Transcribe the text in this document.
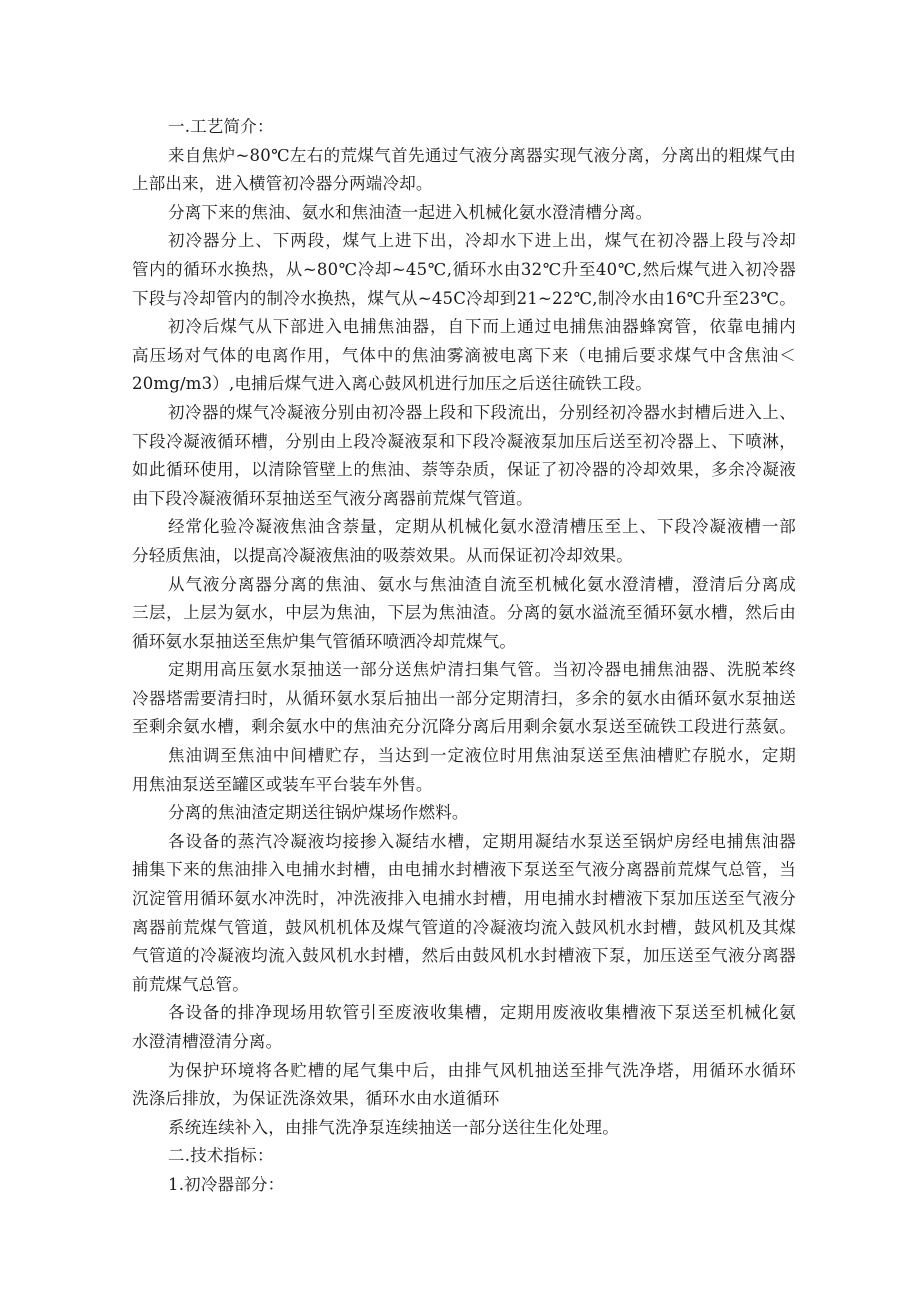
一.工艺简介：
来自焦炉~80℃左右的荒煤气首先通过气液分离器实现气液分离，分离出的粗煤气由
上部出来，进入横管初冷器分两端冷却。
分离下来的焦油、氨水和焦油渣一起进入机械化氨水澄清槽分离。
初冷器分上、下两段，煤气上进下出，冷却水下进上出，煤气在初冷器上段与冷却
管内的循环水换热，从~80℃冷却~45℃,循环水由32℃升至40℃,然后煤气进入初冷器
下段与冷却管内的制冷水换热，煤气从~45C冷却到21~22℃,制冷水由16℃升至23℃。
初冷后煤气从下部进入电捕焦油器，自下而上通过电捕焦油器蜂窝管，依靠电捕内
高压场对气体的电离作用，气体中的焦油雾滴被电离下来（电捕后要求煤气中含焦油＜
20mg∕m3）,电捕后煤气进入离心鼓风机进行加压之后送往硫铁工段。
初冷器的煤气冷凝液分别由初冷器上段和下段流出，分别经初冷器水封槽后进入上、
下段冷凝液循环槽，分别由上段冷凝液泵和下段冷凝液泵加压后送至初冷器上、下喷淋，
如此循环使用，以清除管壁上的焦油、萘等杂质，保证了初冷器的冷却效果，多余冷凝液
由下段冷凝液循环泵抽送至气液分离器前荒煤气管道。
经常化验冷凝液焦油含萘量，定期从机械化氨水澄清槽压至上、下段冷凝液槽一部
分轻质焦油，以提高冷凝液焦油的吸萘效果。从而保证初冷却效果。
从气液分离器分离的焦油、氨水与焦油渣自流至机械化氨水澄清槽，澄清后分离成
三层，上层为氨水，中层为焦油，下层为焦油渣。分离的氨水溢流至循环氨水槽，然后由
循环氨水泵抽送至焦炉集气管循环喷洒冷却荒煤气。
定期用高压氨水泵抽送一部分送焦炉清扫集气管。当初冷器电捕焦油器、洗脱苯终
冷器塔需要清扫时，从循环氨水泵后抽出一部分定期清扫，多余的氨水由循环氨水泵抽送
至剩余氨水槽，剩余氨水中的焦油充分沉降分离后用剩余氨水泵送至硫铁工段进行蒸氨。
焦油调至焦油中间槽贮存，当达到一定液位时用焦油泵送至焦油槽贮存脱水，定期
用焦油泵送至罐区或装车平台装车外售。
分离的焦油渣定期送往锅炉煤场作燃料。
各设备的蒸汽冷凝液均接掺入凝结水槽，定期用凝结水泵送至锅炉房经电捕焦油器
捕集下来的焦油排入电捕水封槽，由电捕水封槽液下泵送至气液分离器前荒煤气总管，当
沉淀管用循环氨水冲洗时，冲洗液排入电捕水封槽，用电捕水封槽液下泵加压送至气液分
离器前荒煤气管道，鼓风机机体及煤气管道的冷凝液均流入鼓风机水封槽，鼓风机及其煤
气管道的冷凝液均流入鼓风机水封槽，然后由鼓风机水封槽液下泵，加压送至气液分离器
前荒煤气总管。
各设备的排净现场用软管引至废液收集槽，定期用废液收集槽液下泵送至机械化氨
水澄清槽澄清分离。
为保护环境将各贮槽的尾气集中后，由排气风机抽送至排气洗净塔，用循环水循环
洗涤后排放，为保证洗涤效果，循环水由水道循环
系统连续补入，由排气洗净泵连续抽送一部分送往生化处理。
二.技术指标：
1.初冷器部分：
